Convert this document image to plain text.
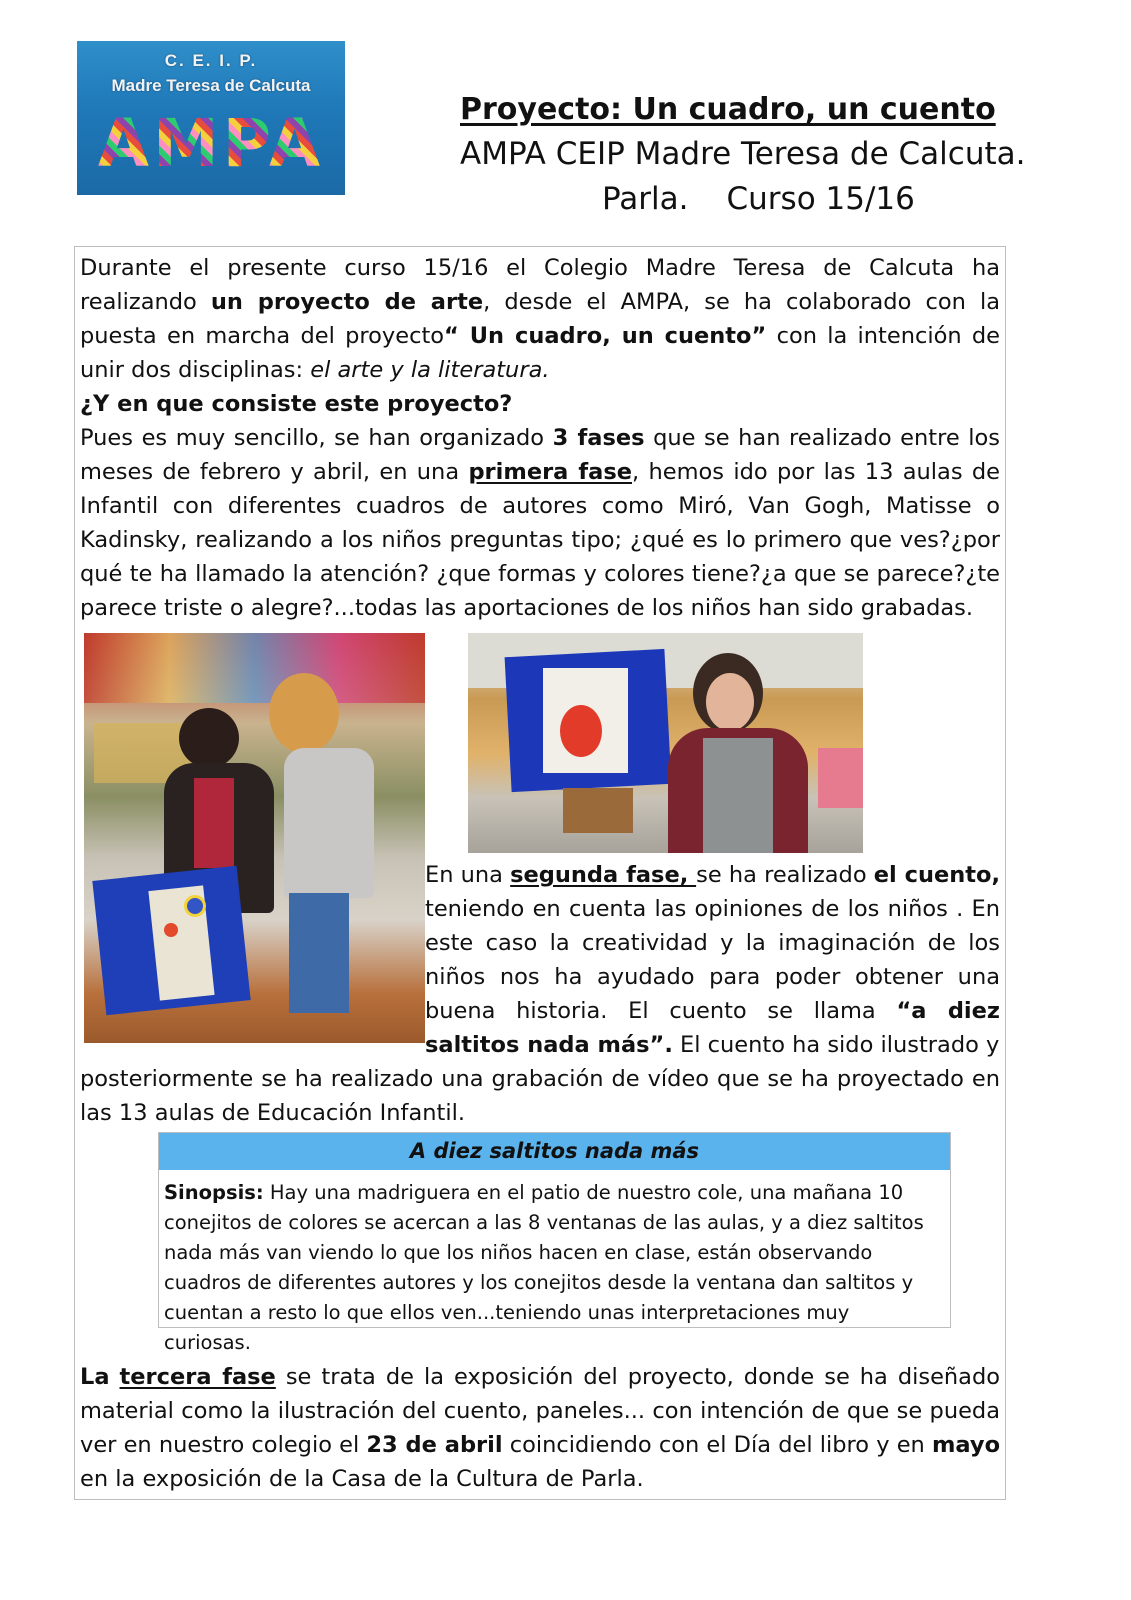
C. E. I. P.
Madre Teresa de Calcuta
AMPA	Proyecto: Un cuadro, un cuento
AMPA CEIP Madre Teresa de Calcuta.
Parla. Curso 15/16
Durante el presente curso 15/16 el Colegio Madre Teresa de Calcuta ha realizando un proyecto de arte, desde el AMPA, se ha colaborado con la puesta en marcha del proyecto“ Un cuadro, un cuento” con la intención de unir dos disciplinas: el arte y la literatura.
¿Y en que consiste este proyecto?
Pues es muy sencillo, se han organizado 3 fases que se han realizado entre los meses de febrero y abril, en una primera fase, hemos ido por las 13 aulas de Infantil con diferentes cuadros de autores como Miró, Van Gogh, Matisse o Kadinsky, realizando a los niños preguntas tipo; ¿qué es lo primero que ves?¿por qué te ha llamado la atención? ¿que formas y colores tiene?¿a que se parece?¿te parece triste o alegre?...todas las aportaciones de los niños han sido grabadas.
En una segunda fase, se ha realizado el cuento, teniendo en cuenta las opiniones de los niños . En este caso la creatividad y la imaginación de los niños nos ha ayudado para poder obtener una buena historia. El cuento se llama “a diez saltitos nada más”. El cuento ha sido ilustrado y
posteriormente se ha realizado una grabación de vídeo que se ha proyectado en las 13 aulas de Educación Infantil.
A diez saltitos nada más
Sinopsis: Hay una madriguera en el patio de nuestro cole, una mañana 10 conejitos de colores se acercan a las 8 ventanas de las aulas, y a diez saltitos nada más van viendo lo que los niños hacen en clase, están observando cuadros de diferentes autores y los conejitos desde la ventana dan saltitos y cuentan a resto lo que ellos ven...teniendo unas interpretaciones muy curiosas.
La tercera fase se trata de la exposición del proyecto, donde se ha diseñado material como la ilustración del cuento, paneles... con intención de que se pueda ver en nuestro colegio el 23 de abril coincidiendo con el Día del libro y en mayo en la exposición de la Casa de la Cultura de Parla.
